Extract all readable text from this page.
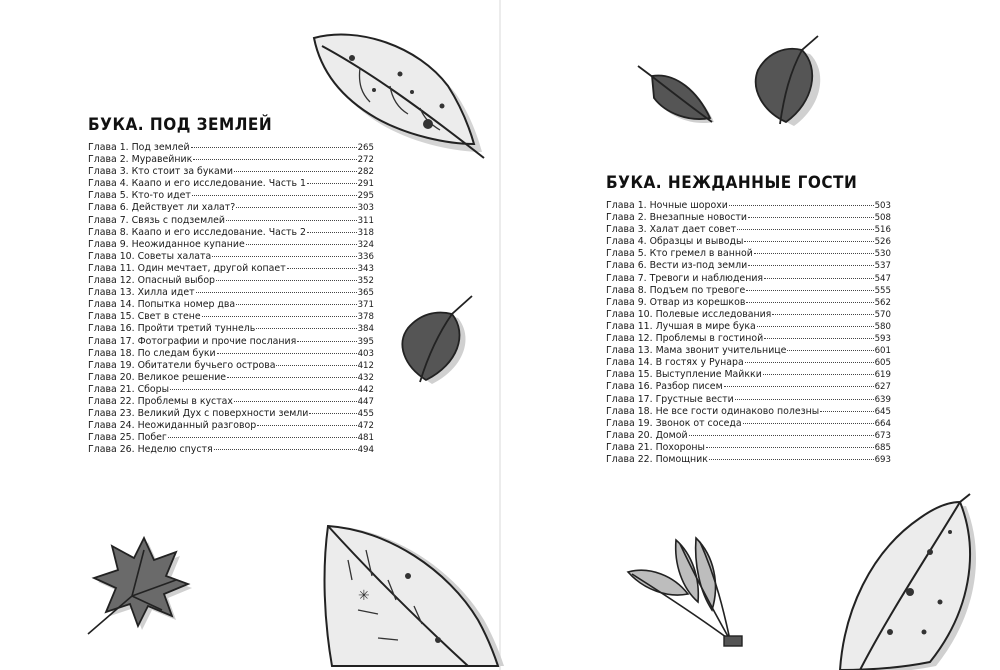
БУКА. ПОД ЗЕМЛЕЙ
Глава 1. Под землей	265
Глава 2. Муравейник	272
Глава 3. Кто стоит за буками	282
Глава 4. Каапо и его исследование. Часть 1	291
Глава 5. Кто-то идет	295
Глава 6. Действует ли халат?	303
Глава 7. Связь с подземлей	311
Глава 8. Каапо и его исследование. Часть 2	318
Глава 9. Неожиданное купание	324
Глава 10. Советы халата	336
Глава 11. Один мечтает, другой копает	343
Глава 12. Опасный выбор	352
Глава 13. Хилла идет	365
Глава 14. Попытка номер два	371
Глава 15. Свет в стене	378
Глава 16. Пройти третий туннель	384
Глава 17. Фотографии и прочие послания	395
Глава 18. По следам буки	403
Глава 19. Обитатели бучьего острова	412
Глава 20. Великое решение	432
Глава 21. Сборы	442
Глава 22. Проблемы в кустах	447
Глава 23. Великий Дух с поверхности земли	455
Глава 24. Неожиданный разговор	472
Глава 25. Побег	481
Глава 26. Неделю спустя	494
БУКА. НЕЖДАННЫЕ ГОСТИ
Глава 1. Ночные шорохи	503
Глава 2. Внезапные новости	508
Глава 3. Халат дает совет	516
Глава 4. Образцы и выводы	526
Глава 5. Кто гремел в ванной	530
Глава 6. Вести из-под земли	537
Глава 7. Тревоги и наблюдения	547
Глава 8. Подъем по тревоге	555
Глава 9. Отвар из корешков	562
Глава 10. Полевые исследования	570
Глава 11. Лучшая в мире бука	580
Глава 12. Проблемы в гостиной	593
Глава 13. Мама звонит учительнице	601
Глава 14. В гостях у Рунара	605
Глава 15. Выступление Майкки	619
Глава 16. Разбор писем	627
Глава 17. Грустные вести	639
Глава 18. Не все гости одинаково полезны	645
Глава 19. Звонок от соседа	664
Глава 20. Домой	673
Глава 21. Похороны	685
Глава 22. Помощник	693
✳
